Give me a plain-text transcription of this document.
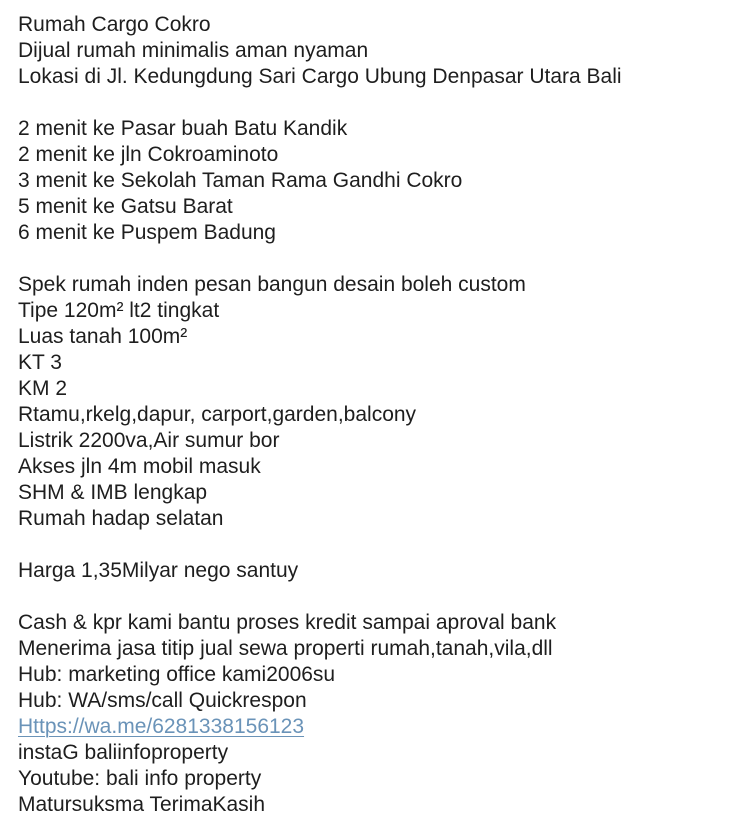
Rumah Cargo Cokro
Dijual rumah minimalis aman nyaman
Lokasi di Jl. Kedungdung Sari Cargo Ubung Denpasar Utara Bali
2 menit ke Pasar buah Batu Kandik
2 menit ke jln Cokroaminoto
3 menit ke Sekolah Taman Rama Gandhi Cokro
5 menit ke Gatsu Barat
6 menit ke Puspem Badung
Spek rumah inden pesan bangun desain boleh custom
Tipe 120m² lt2 tingkat
Luas tanah 100m²
KT 3
KM 2
Rtamu,rkelg,dapur, carport,garden,balcony
Listrik 2200va,Air sumur bor
Akses jln 4m mobil masuk
SHM & IMB lengkap
Rumah hadap selatan
Harga 1,35Milyar nego santuy
Cash & kpr kami bantu proses kredit sampai aproval bank
Menerima jasa titip jual sewa properti rumah,tanah,vila,dll
Hub: marketing office kami2006su
Hub: WA/sms/call Quickrespon
Https://wa.me/6281338156123
instaG baliinfoproperty
Youtube: bali info property
Matursuksma TerimaKasih
